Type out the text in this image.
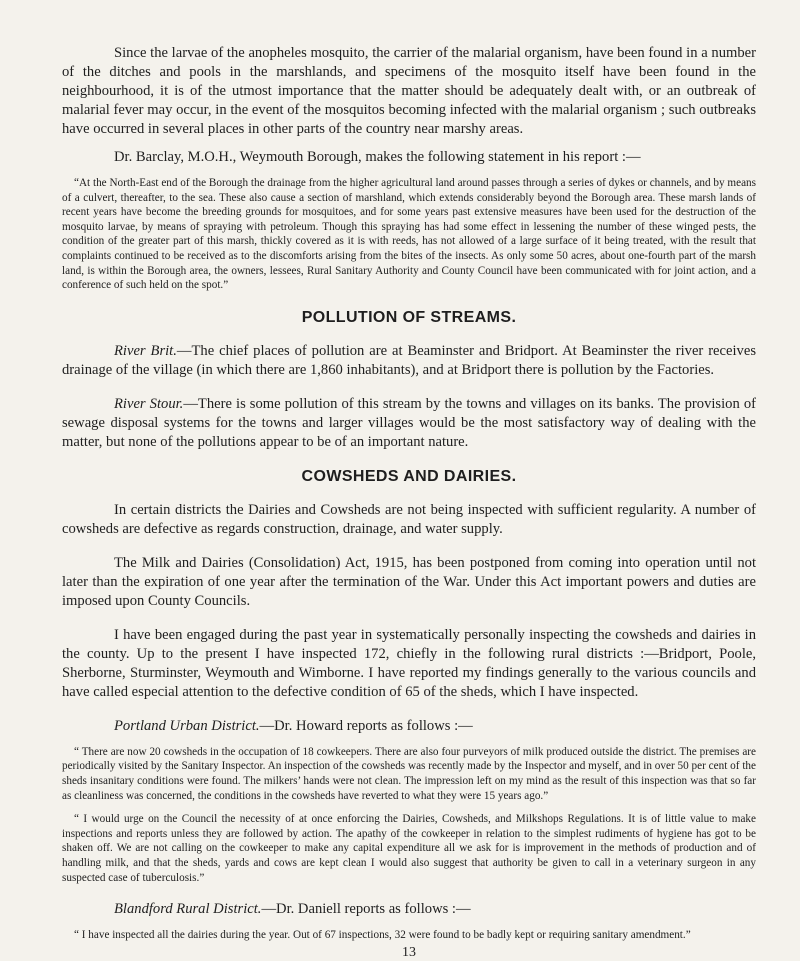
Since the larvae of the anopheles mosquito, the carrier of the malarial organism, have been found in a number of the ditches and pools in the marshlands, and specimens of the mosquito itself have been found in the neighbourhood, it is of the utmost importance that the matter should be adequately dealt with, or an outbreak of malarial fever may occur, in the event of the mosquitos becoming infected with the malarial organism ; such outbreaks have occurred in several places in other parts of the country near marshy areas.

Dr. Barclay, M.O.H., Weymouth Borough, makes the following statement in his report :—

“At the North-East end of the Borough the drainage from the higher agricultural land around passes through a series of dykes or channels, and by means of a culvert, thereafter, to the sea. These also cause a section of marshland, which extends considerably beyond the Borough area. These marsh lands of recent years have become the breeding grounds for mosquitoes, and for some years past extensive measures have been used for the destruction of the mosquito larvae, by means of spraying with petroleum. Though this spraying has had some effect in lessening the number of these winged pests, the condition of the greater part of this marsh, thickly covered as it is with reeds, has not allowed of a large surface of it being treated, with the result that complaints continued to be received as to the discomforts arising from the bites of the insects. As only some 50 acres, about one-fourth part of the marsh land, is within the Borough area, the owners, lessees, Rural Sanitary Authority and County Council have been communicated with for joint action, and a conference of such held on the spot.”

POLLUTION OF STREAMS.

River Brit.—The chief places of pollution are at Beaminster and Bridport. At Beaminster the river receives drainage of the village (in which there are 1,860 inhabitants), and at Bridport there is pollution by the Factories.

River Stour.—There is some pollution of this stream by the towns and villages on its banks. The provision of sewage disposal systems for the towns and larger villages would be the most satisfactory way of dealing with the matter, but none of the pollutions appear to be of an important nature.

COWSHEDS AND DAIRIES.

In certain districts the Dairies and Cowsheds are not being inspected with sufficient regularity. A number of cowsheds are defective as regards construction, drainage, and water supply.

The Milk and Dairies (Consolidation) Act, 1915, has been postponed from coming into operation until not later than the expiration of one year after the termination of the War. Under this Act important powers and duties are imposed upon County Councils.

I have been engaged during the past year in systematically personally inspecting the cowsheds and dairies in the county. Up to the present I have inspected 172, chiefly in the following rural districts :—Bridport, Poole, Sherborne, Sturminster, Weymouth and Wimborne. I have reported my findings generally to the various councils and have called especial attention to the defective condition of 65 of the sheds, which I have inspected.

Portland Urban District.—Dr. Howard reports as follows :—

“ There are now 20 cowsheds in the occupation of 18 cowkeepers. There are also four purveyors of milk produced outside the district. The premises are periodically visited by the Sanitary Inspector. An inspection of the cowsheds was recently made by the Inspector and myself, and in over 50 per cent of the sheds insanitary conditions were found. The milkers’ hands were not clean. The impression left on my mind as the result of this inspection was that so far as cleanliness was concerned, the conditions in the cowsheds have reverted to what they were 15 years ago.”

“ I would urge on the Council the necessity of at once enforcing the Dairies, Cowsheds, and Milkshops Regulations. It is of little value to make inspections and reports unless they are followed by action. The apathy of the cowkeeper in relation to the simplest rudiments of hygiene has got to be shaken off. We are not calling on the cowkeeper to make any capital expenditure all we ask for is improvement in the methods of production and of handling milk, and that the sheds, yards and cows are kept clean I would also suggest that authority be given to call in a veterinary surgeon in any suspected case of tuberculosis.”

Blandford Rural District.—Dr. Daniell reports as follows :—

“ I have inspected all the dairies during the year. Out of 67 inspections, 32 were found to be badly kept or requiring sanitary amendment.”

13
